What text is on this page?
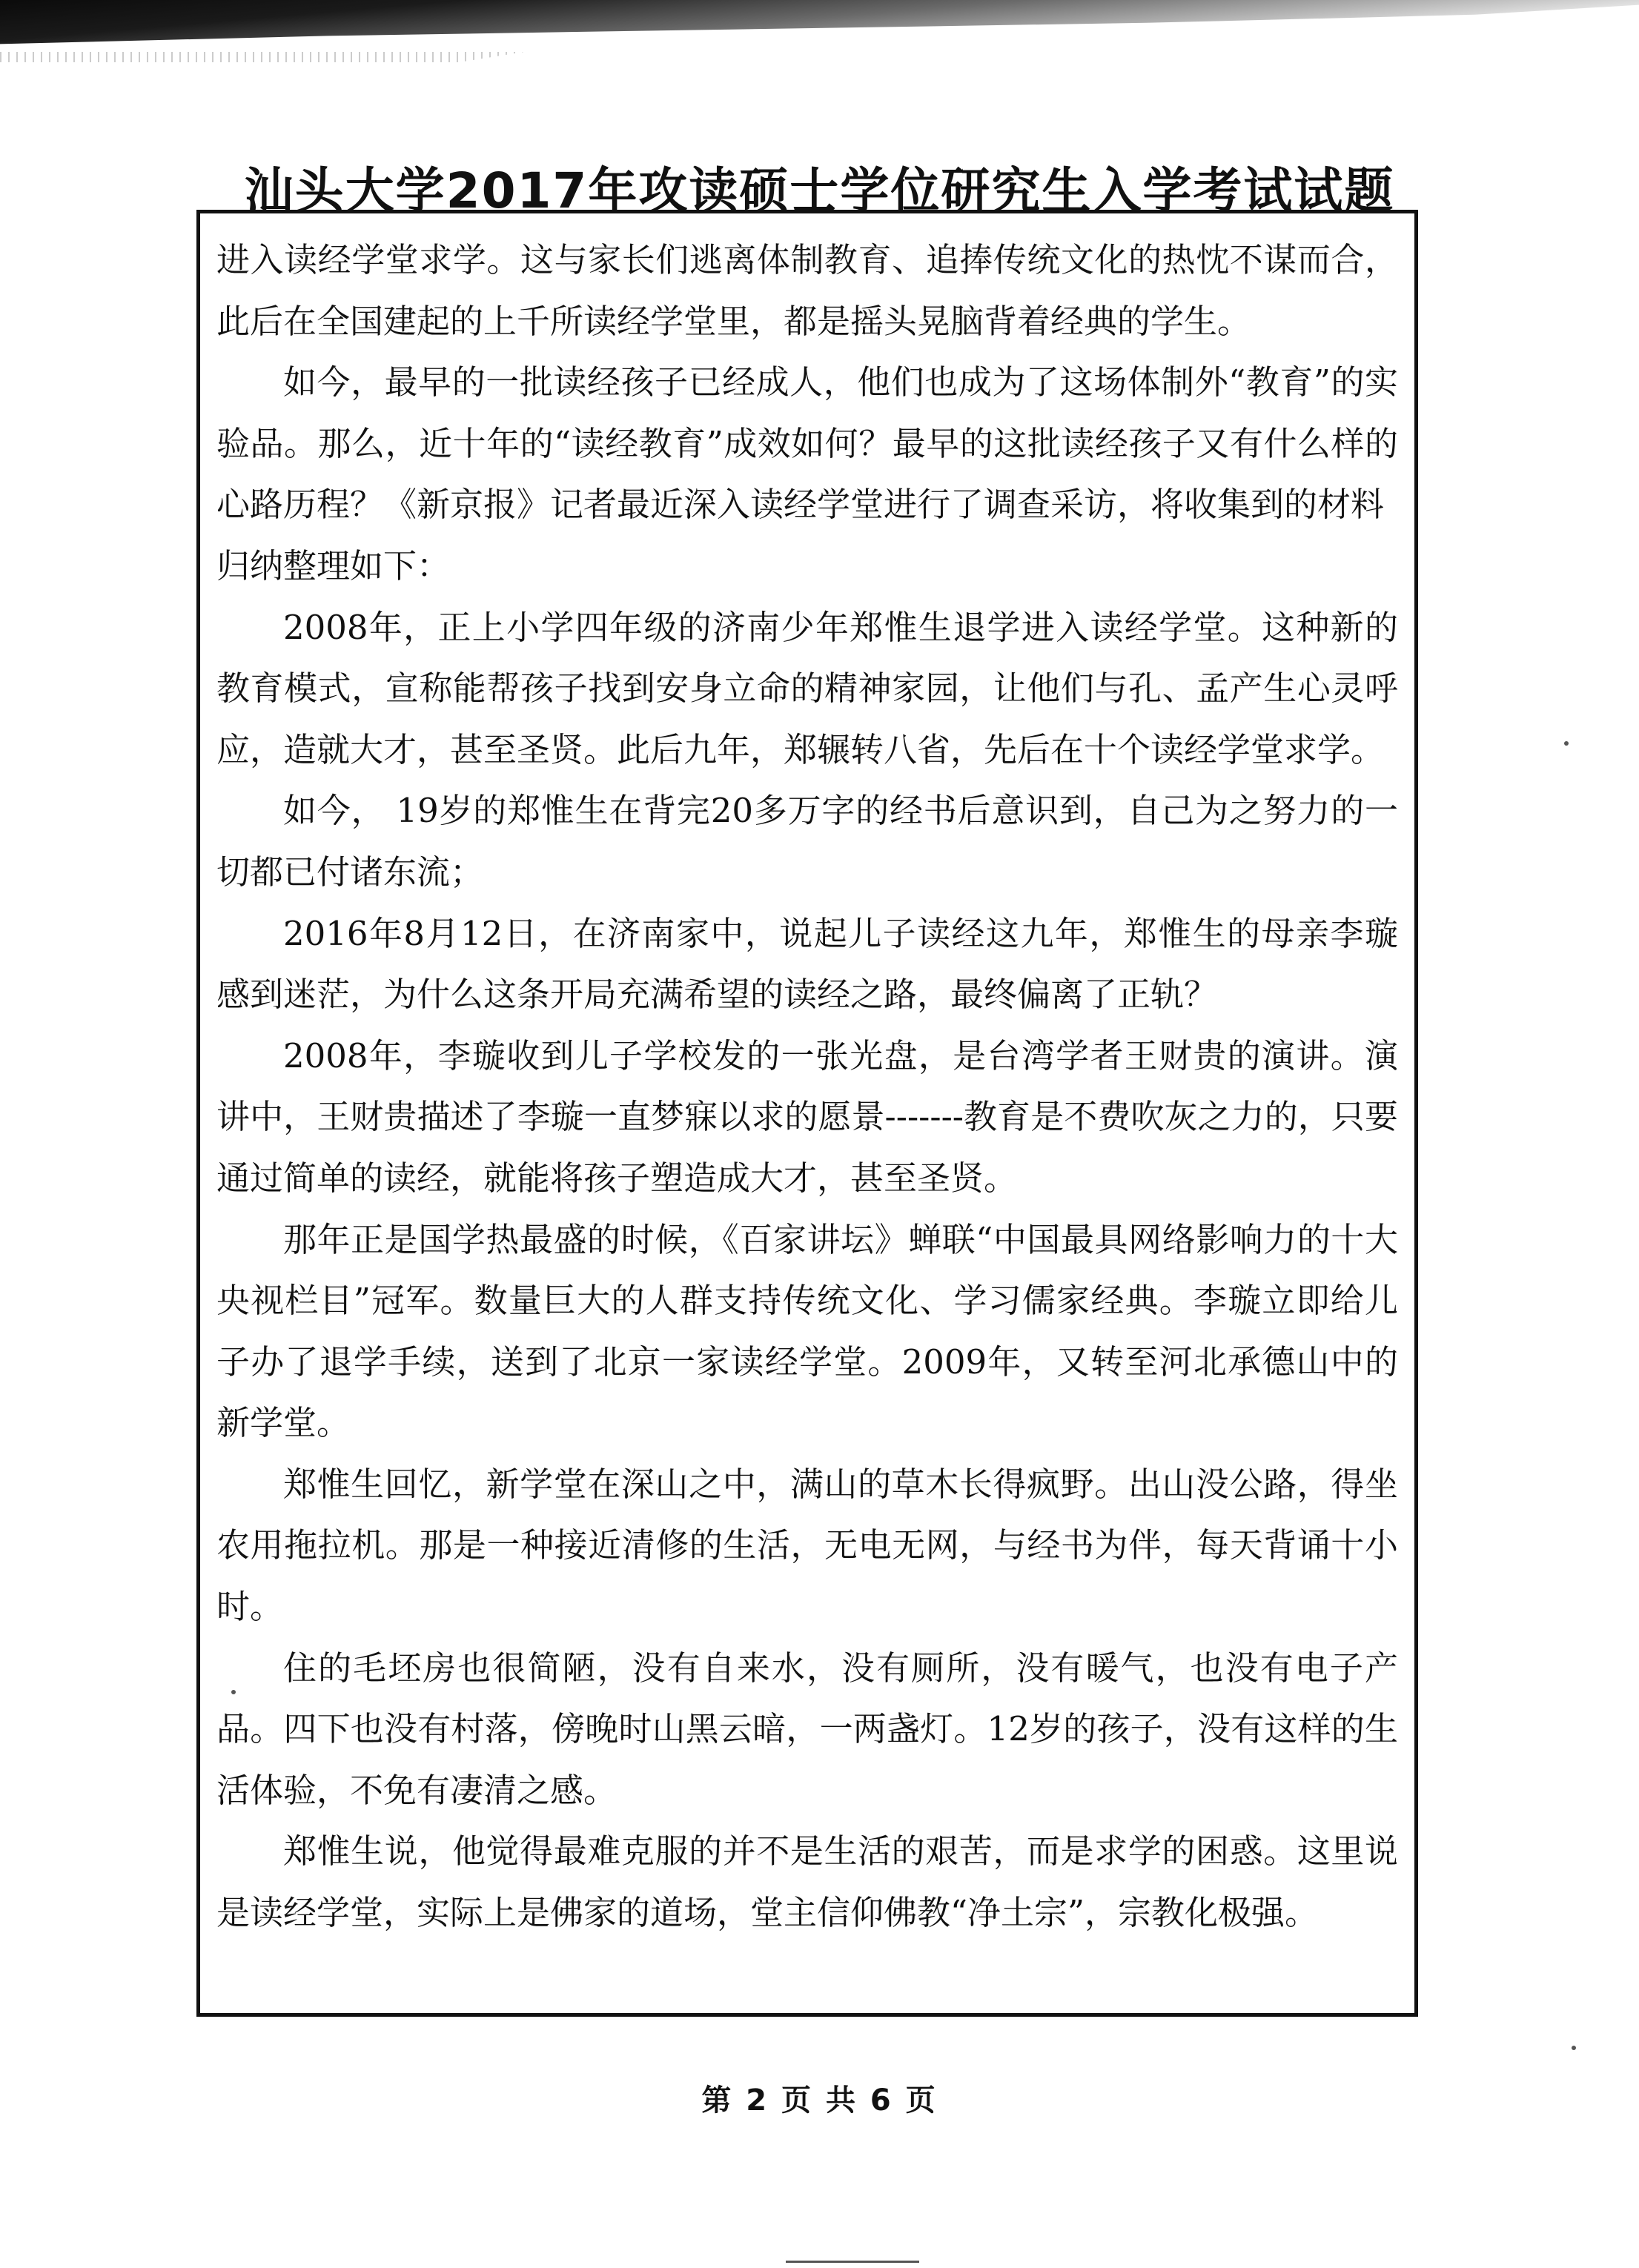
汕头大学2017年攻读硕士学位研究生入学考试试题

进入读经学堂求学。这与家长们逃离体制教育、追捧传统文化的热忱不谋而合，此后在全国建起的上千所读经学堂里，都是摇头晃脑背着经典的学生。

如今，最早的一批读经孩子已经成人，他们也成为了这场体制外“教育”的实验品。那么，近十年的“读经教育”成效如何？最早的这批读经孩子又有什么样的心路历程？《新京报》记者最近深入读经学堂进行了调查采访，将收集到的材料

归纳整理如下：

2008年，正上小学四年级的济南少年郑惟生退学进入读经学堂。这种新的教育模式，宣称能帮孩子找到安身立命的精神家园，让他们与孔、孟产生心灵呼应，造就大才，甚至圣贤。此后九年，郑辗转八省，先后在十个读经学堂求学。

如今， 19岁的郑惟生在背完20多万字的经书后意识到，自己为之努力的一切都已付诸东流；

2016年8月12日，在济南家中，说起儿子读经这九年，郑惟生的母亲李璇感到迷茫，为什么这条开局充满希望的读经之路，最终偏离了正轨？

2008年，李璇收到儿子学校发的一张光盘，是台湾学者王财贵的演讲。演讲中，王财贵描述了李璇一直梦寐以求的愿景-------教育是不费吹灰之力的，只要通过简单的读经，就能将孩子塑造成大才，甚至圣贤。

那年正是国学热最盛的时候，《百家讲坛》蝉联“中国最具网络影响力的十大央视栏目”冠军。数量巨大的人群支持传统文化、学习儒家经典。李璇立即给儿子办了退学手续，送到了北京一家读经学堂。2009年，又转至河北承德山中的新学堂。

郑惟生回忆，新学堂在深山之中，满山的草木长得疯野。出山没公路，得坐农用拖拉机。那是一种接近清修的生活，无电无网，与经书为伴，每天背诵十小时。

住的毛坯房也很简陋，没有自来水，没有厕所，没有暖气，也没有电子产品。四下也没有村落，傍晚时山黑云暗，一两盏灯。12岁的孩子，没有这样的生活体验，不免有凄清之感。

郑惟生说，他觉得最难克服的并不是生活的艰苦，而是求学的困惑。这里说是读经学堂，实际上是佛家的道场，堂主信仰佛教“净土宗”，宗教化极强。

第 2 页 共 6 页
